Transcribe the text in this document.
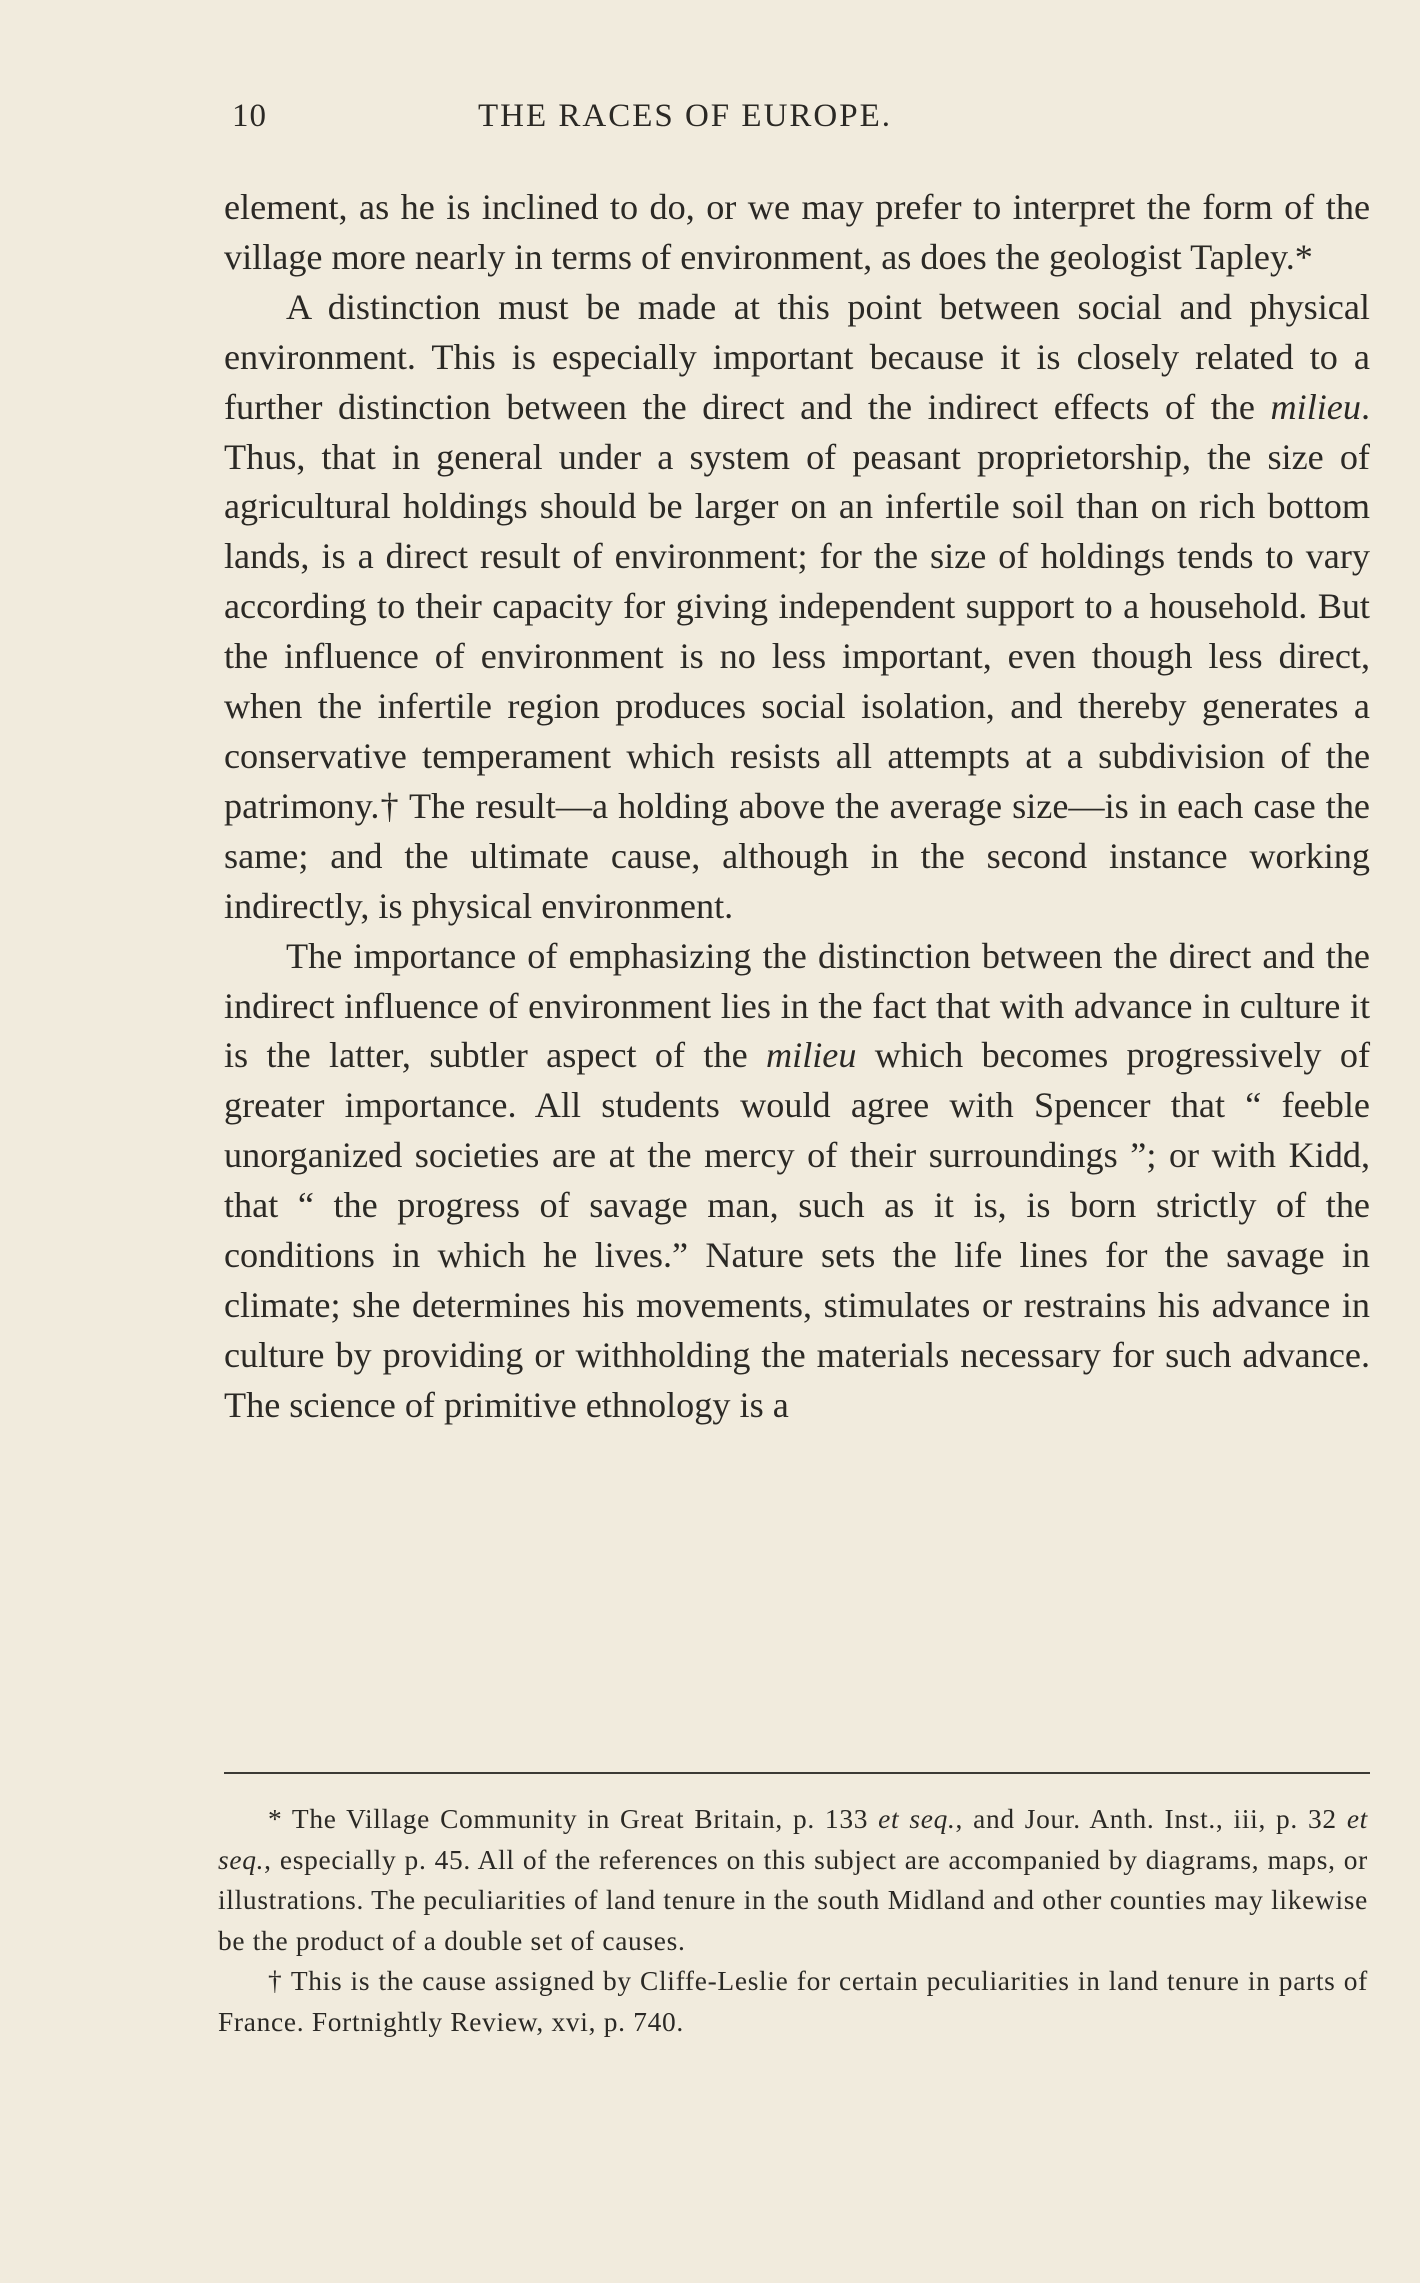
10	THE RACES OF EUROPE.

element, as he is inclined to do, or we may prefer to interpret the form of the village more nearly in terms of environment, as does the geologist Tapley.*

A distinction must be made at this point between social and physical environment. This is especially important because it is closely related to a further distinction between the direct and the indirect effects of the milieu. Thus, that in general under a system of peasant proprietorship, the size of agricultural holdings should be larger on an infertile soil than on rich bottom lands, is a direct result of environment; for the size of holdings tends to vary according to their capacity for giving independent support to a household. But the influence of environment is no less important, even though less direct, when the infertile region produces social isolation, and thereby generates a conservative temperament which resists all attempts at a subdivision of the patrimony.† The result—a holding above the average size—is in each case the same; and the ultimate cause, although in the second instance working indirectly, is physical environment.

The importance of emphasizing the distinction between the direct and the indirect influence of environment lies in the fact that with advance in culture it is the latter, subtler aspect of the milieu which becomes progressively of greater importance. All students would agree with Spencer that “ feeble unorganized societies are at the mercy of their surroundings ”; or with Kidd, that “ the progress of savage man, such as it is, is born strictly of the conditions in which he lives.” Nature sets the life lines for the savage in climate; she determines his movements, stimulates or restrains his advance in culture by providing or withholding the materials necessary for such advance. The science of primitive ethnology is a

* The Village Community in Great Britain, p. 133 et seq., and Jour. Anth. Inst., iii, p. 32 et seq., especially p. 45. All of the references on this subject are accompanied by diagrams, maps, or illustrations. The peculiarities of land tenure in the south Midland and other counties may likewise be the product of a double set of causes.

† This is the cause assigned by Cliffe-Leslie for certain peculiarities in land tenure in parts of France. Fortnightly Review, xvi, p. 740.
